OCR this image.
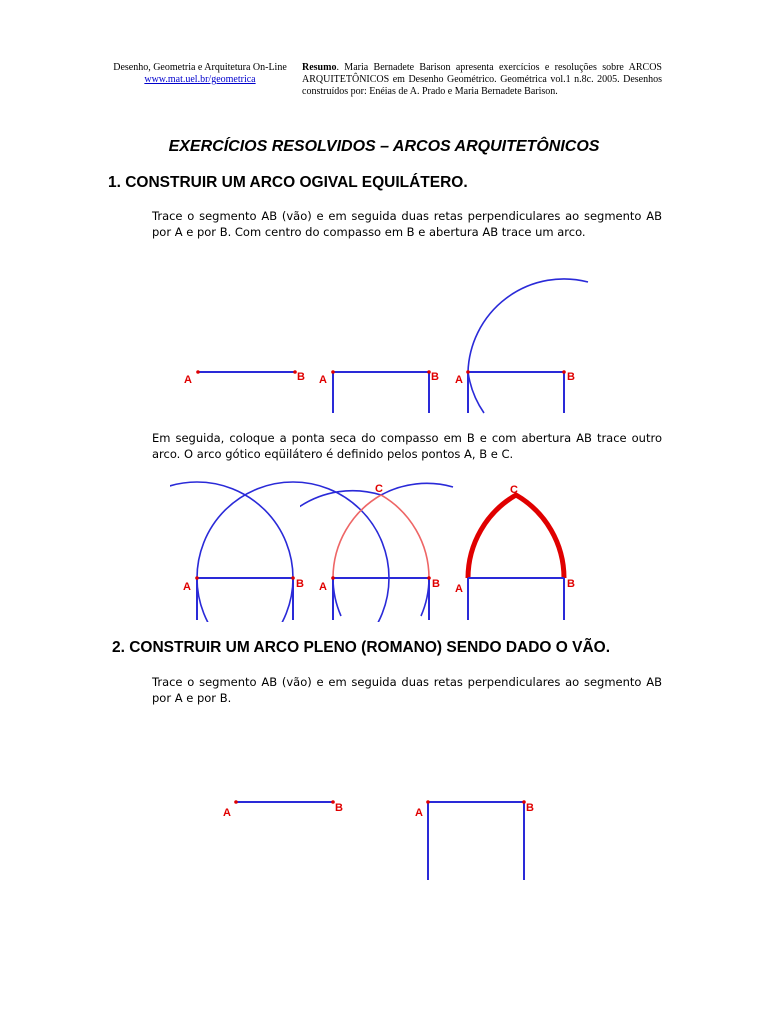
Desenho, Geometria e Arquitetura On-Line
www.mat.uel.br/geometrica
Resumo. Maria Bernadete Barison apresenta exercícios e resoluções sobre ARCOS ARQUITETÔNICOS em Desenho Geométrico. Geométrica vol.1 n.8c. 2005. Desenhos construídos por: Enéias de A. Prado e Maria Bernadete Barison.
EXERCÍCIOS RESOLVIDOS – ARCOS ARQUITETÔNICOS
1. CONSTRUIR UM ARCO OGIVAL EQUILÁTERO.
Trace o segmento AB (vão) e em seguida duas retas perpendiculares ao segmento AB por A e por B. Com centro do compasso em B e abertura AB trace um arco.
Em seguida, coloque a ponta seca do compasso em B e com abertura AB trace outro arco. O arco gótico eqüilátero é definido pelos pontos A, B e C.
2. CONSTRUIR UM ARCO PLENO (ROMANO) SENDO DADO O VÃO.
Trace o segmento AB (vão) e em seguida duas retas perpendiculares ao segmento AB por A e por B.
A	B A	B A	B
A	B A	B
C
A	B
C
A	B	A	B
